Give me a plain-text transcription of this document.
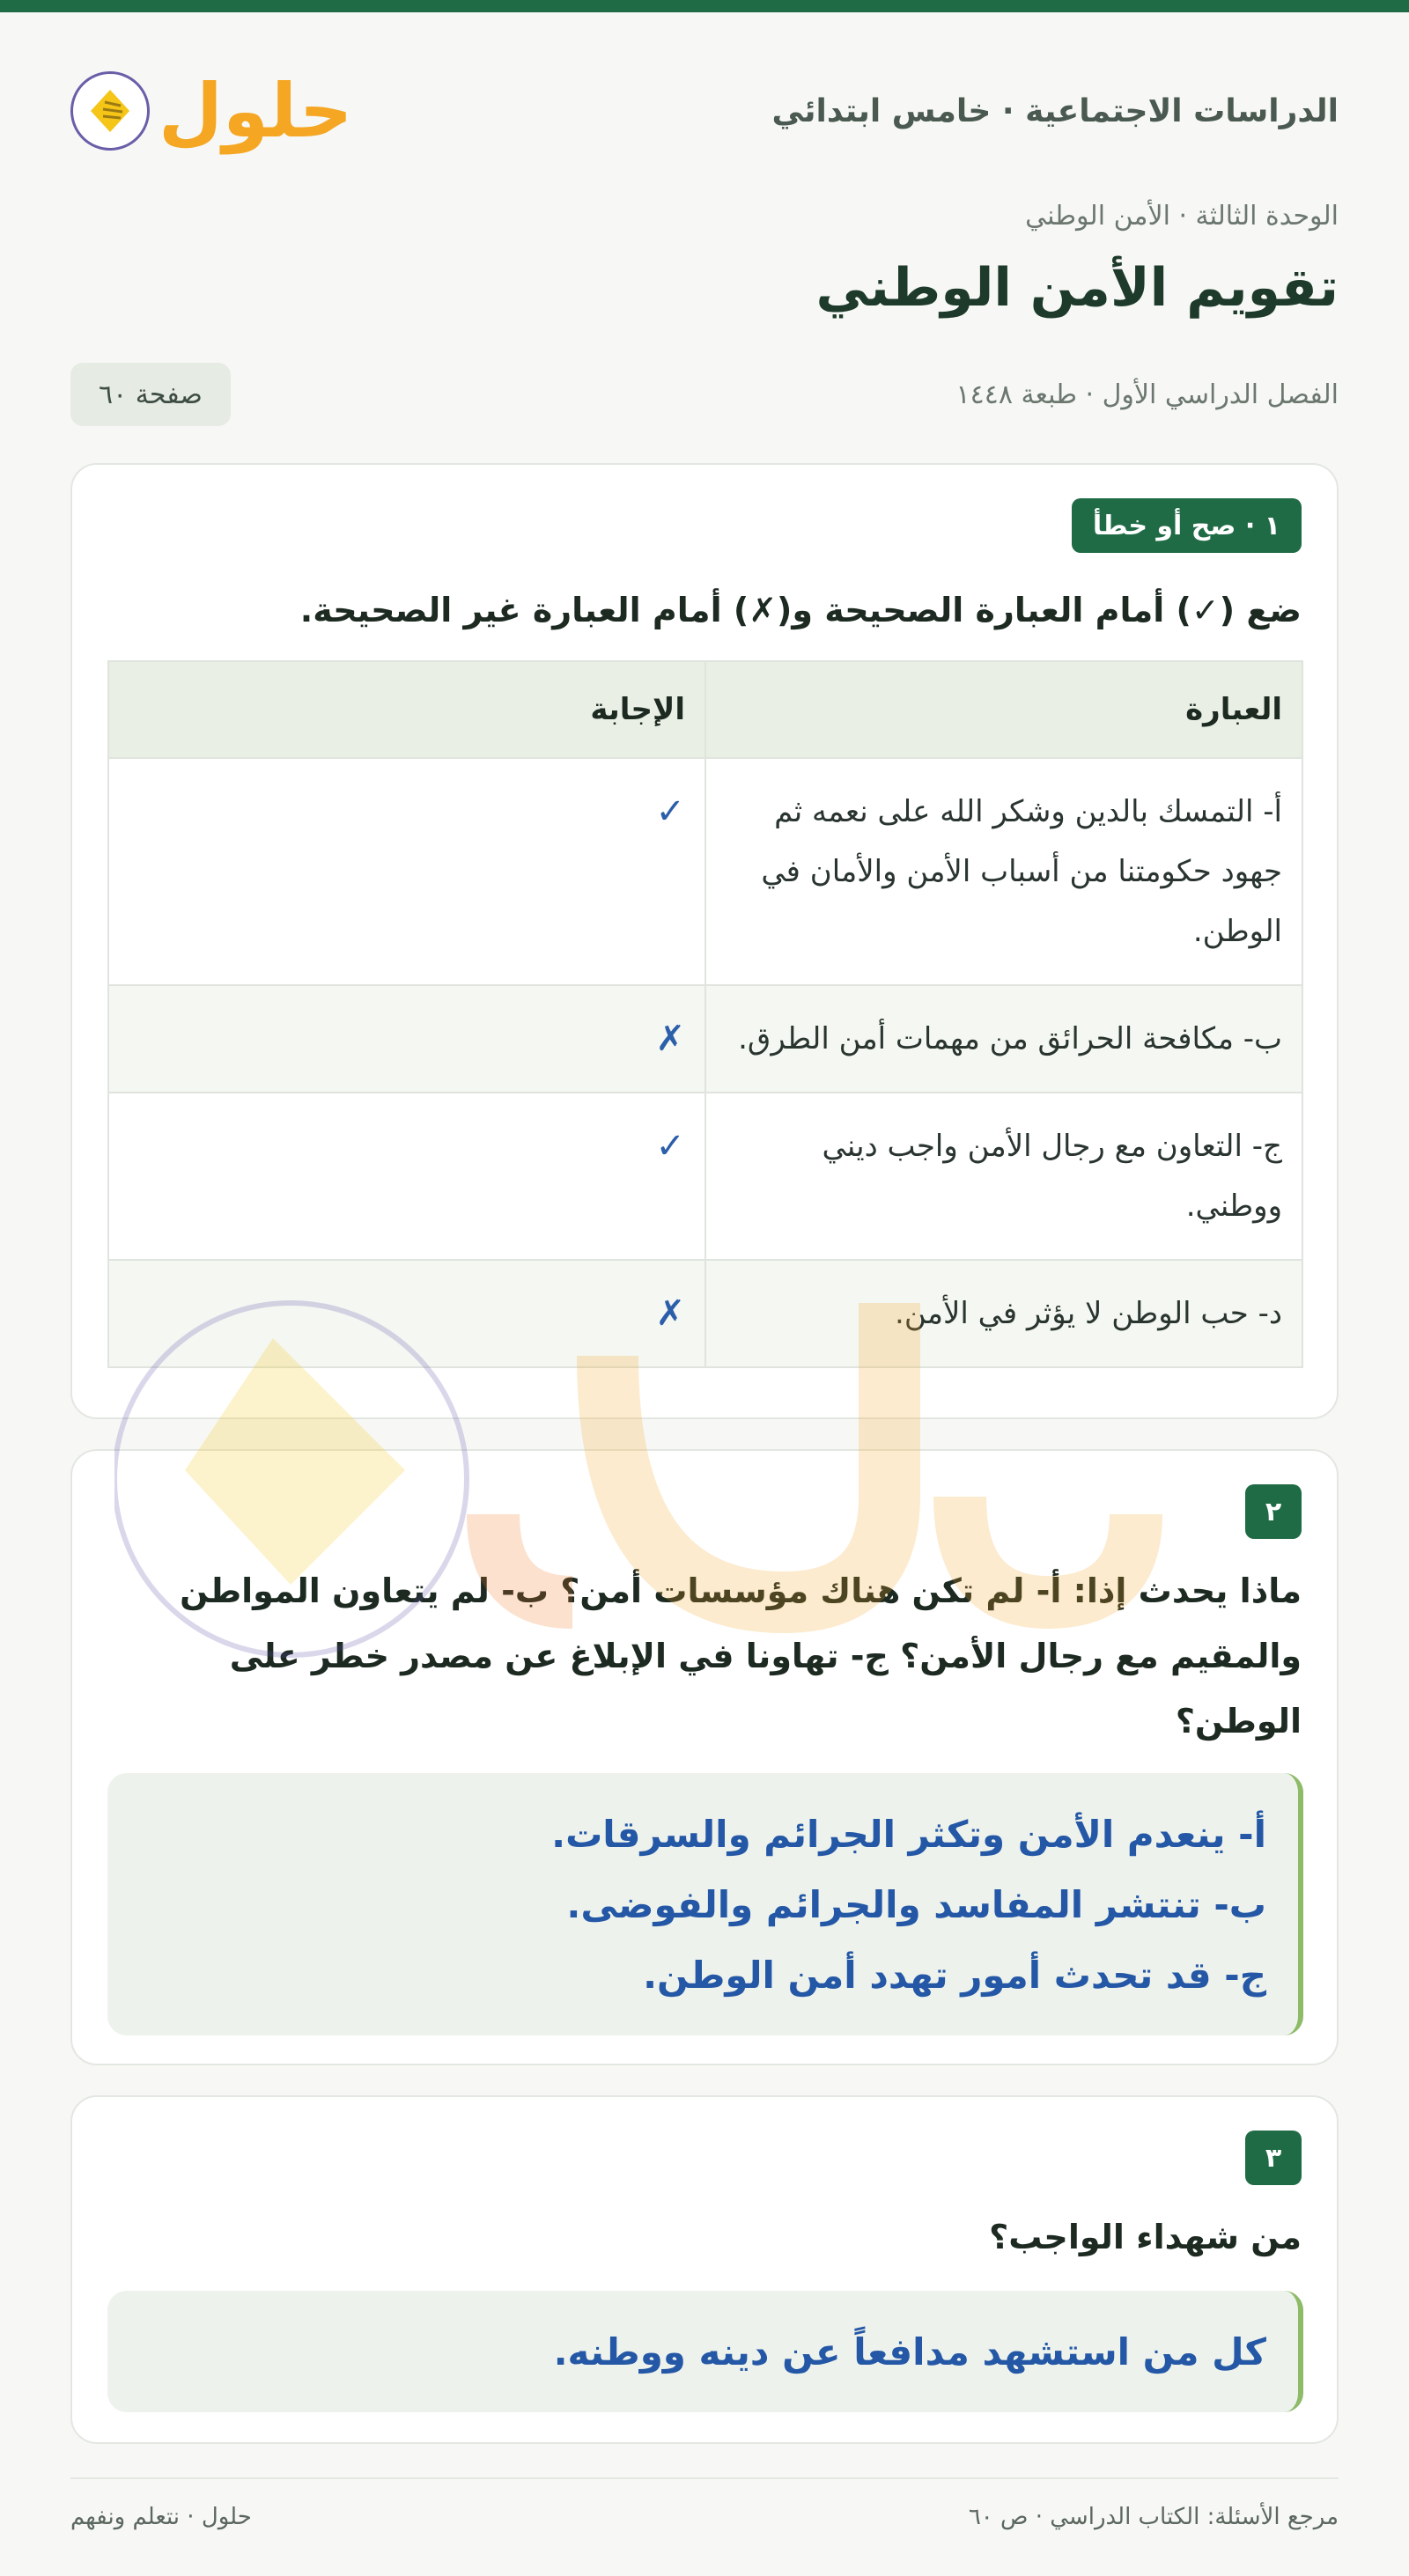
الدراسات الاجتماعية · خامس ابتدائي
حلول
الوحدة الثالثة · الأمن الوطني
تقويم الأمن الوطني
الفصل الدراسي الأول · طبعة ١٤٤٨
صفحة ٦٠
١ · صح أو خطأ
ضع (✓) أمام العبارة الصحيحة و(✗) أمام العبارة غير الصحيحة.
العبارة	الإجابة
أ- التمسك بالدين وشكر الله على نعمه ثم جهود حكومتنا من أسباب الأمن والأمان في الوطن.	✓
ب- مكافحة الحرائق من مهمات أمن الطرق.	✗
ج- التعاون مع رجال الأمن واجب ديني ووطني.	✓
د- حب الوطن لا يؤثر في الأمن.	✗
٢
ماذا يحدث إذا: أ- لم تكن هناك مؤسسات أمن؟ ب- لم يتعاون المواطن والمقيم مع رجال الأمن؟ ج- تهاونا في الإبلاغ عن مصدر خطر على الوطن؟
أ- ينعدم الأمن وتكثر الجرائم والسرقات.
ب- تنتشر المفاسد والجرائم والفوضى.
ج- قد تحدث أمور تهدد أمن الوطن.
٣
من شهداء الواجب؟
كل من استشهد مدافعاً عن دينه ووطنه.
مرجع الأسئلة: الكتاب الدراسي · ص ٦٠
حلول · نتعلم ونفهم
